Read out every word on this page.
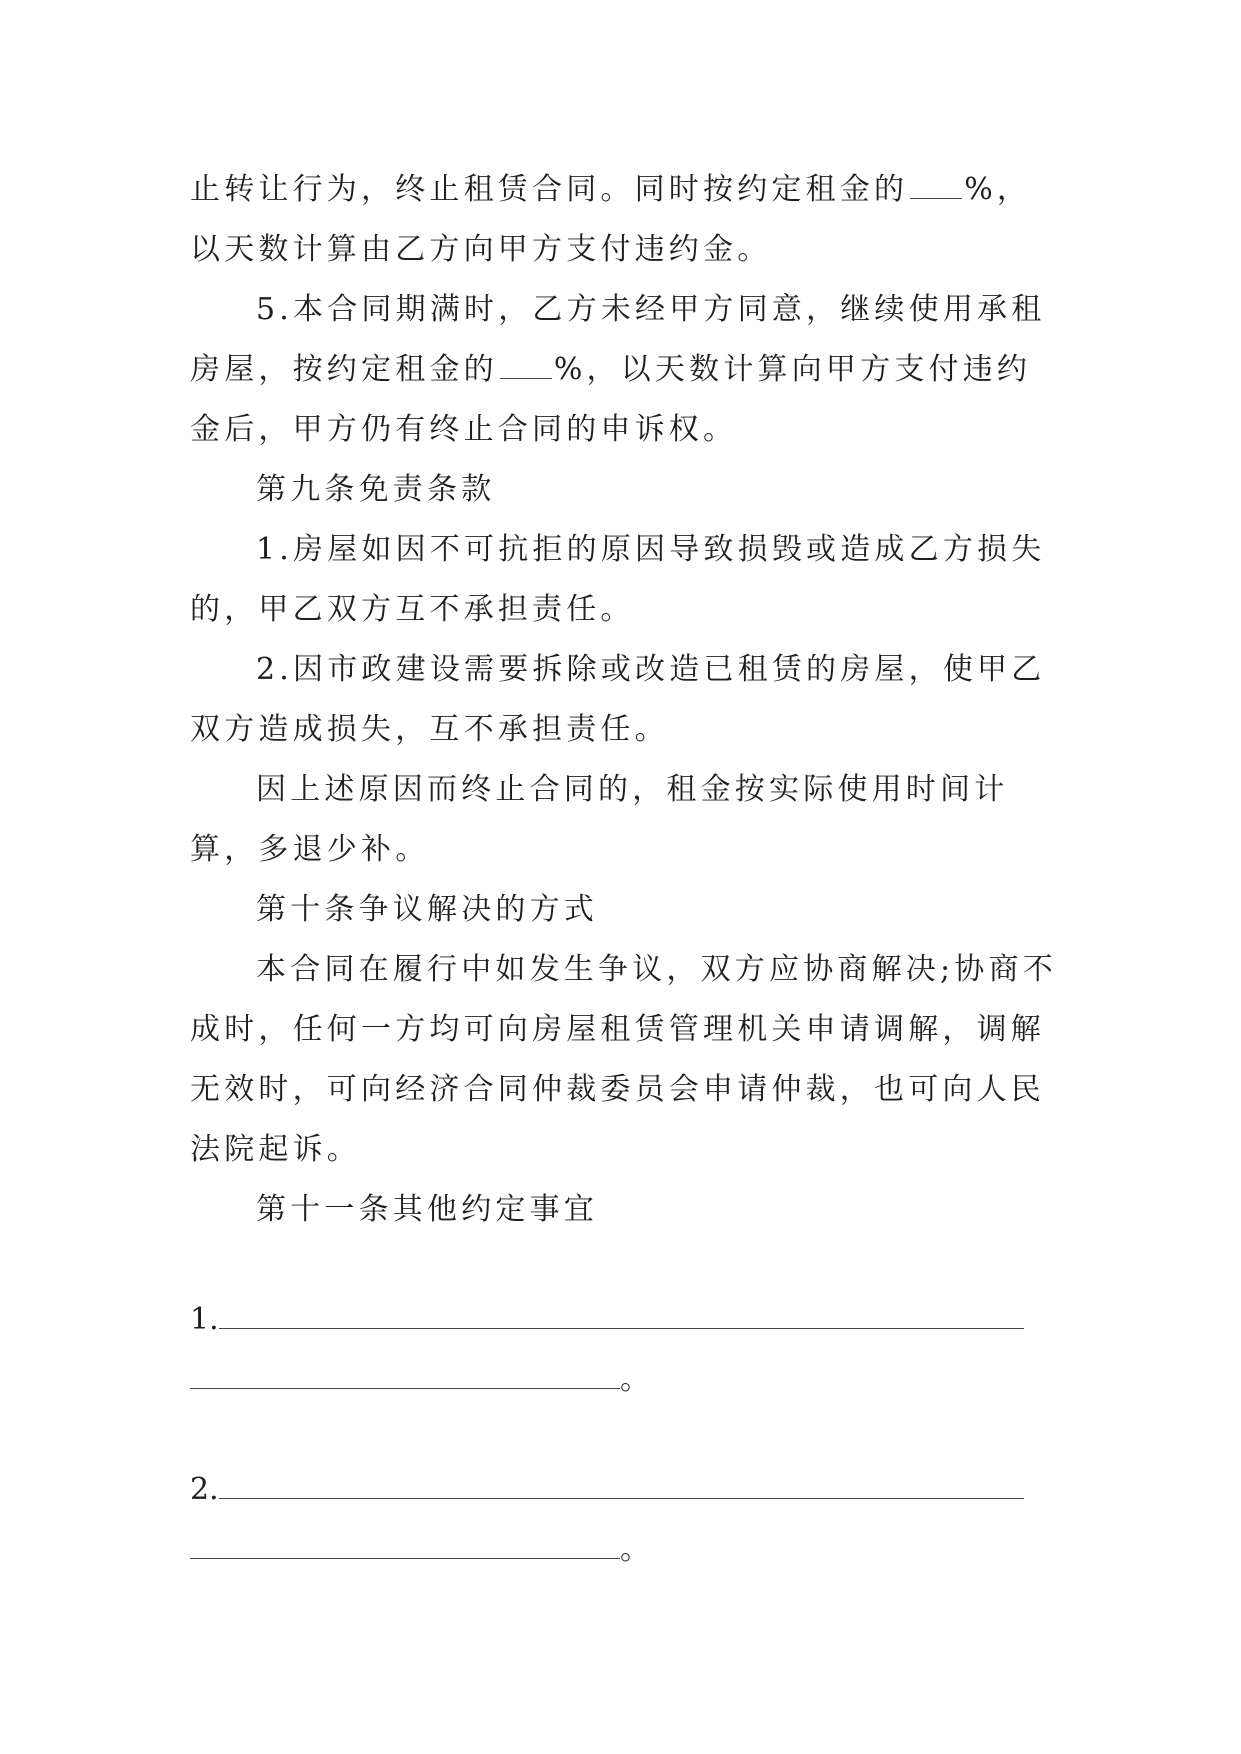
止转让行为，终止租赁合同。同时按约定租金的 %，以天数计算由乙方向甲方支付违约金。

5.本合同期满时，乙方未经甲方同意，继续使用承租房屋，按约定租金的 %，以天数计算向甲方支付违约金后，甲方仍有终止合同的申诉权。

第九条免责条款

1.房屋如因不可抗拒的原因导致损毁或造成乙方损失的，甲乙双方互不承担责任。

2.因市政建设需要拆除或改造已租赁的房屋，使甲乙双方造成损失，互不承担责任。

因上述原因而终止合同的，租金按实际使用时间计算，多退少补。

第十条争议解决的方式

本合同在履行中如发生争议，双方应协商解决;协商不成时，任何一方均可向房屋租赁管理机关申请调解，调解无效时，可向经济合同仲裁委员会申请仲裁，也可向人民法院起诉。

第十一条其他约定事宜

1.

。

2.

。
